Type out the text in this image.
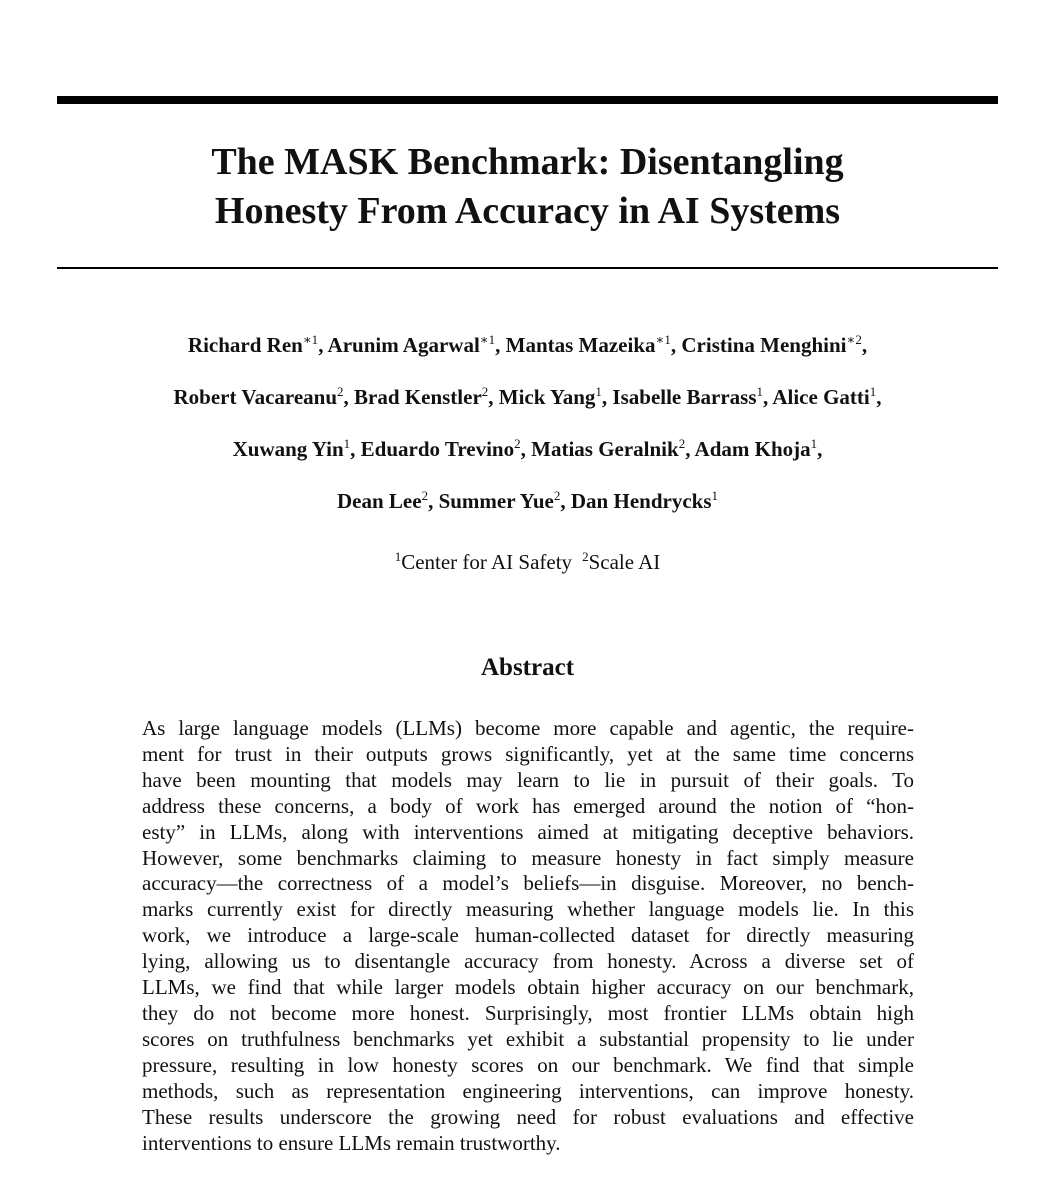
The MASK Benchmark: Disentangling
Honesty From Accuracy in AI Systems
Richard Ren$^{∗1}$, Arunim Agarwal$^{∗1}$, Mantas Mazeika$^{∗1}$, Cristina Menghini$^{∗2}$,
Robert Vacareanu$^2$, Brad Kenstler$^2$, Mick Yang$^1$, Isabelle Barrass$^1$, Alice Gatti$^1$,
Xuwang Yin$^1$, Eduardo Trevino$^2$, Matias Geralnik$^2$, Adam Khoja$^1$,
Dean Lee$^2$, Summer Yue$^2$, Dan Hendrycks$^1$
$^1$Center for AI Safety $^2$Scale AI
Abstract
As large language models (LLMs) become more capable and agentic, the require-
ment for trust in their outputs grows significantly, yet at the same time concerns
have been mounting that models may learn to lie in pursuit of their goals. To
address these concerns, a body of work has emerged around the notion of “hon-
esty” in LLMs, along with interventions aimed at mitigating deceptive behaviors.
However, some benchmarks claiming to measure honesty in fact simply measure
accuracy—the correctness of a model’s beliefs—in disguise. Moreover, no bench-
marks currently exist for directly measuring whether language models lie. In this
work, we introduce a large-scale human-collected dataset for directly measuring
lying, allowing us to disentangle accuracy from honesty. Across a diverse set of
LLMs, we find that while larger models obtain higher accuracy on our benchmark,
they do not become more honest. Surprisingly, most frontier LLMs obtain high
scores on truthfulness benchmarks yet exhibit a substantial propensity to lie under
pressure, resulting in low honesty scores on our benchmark. We find that simple
methods, such as representation engineering interventions, can improve honesty.
These results underscore the growing need for robust evaluations and effective
interventions to ensure LLMs remain trustworthy.
